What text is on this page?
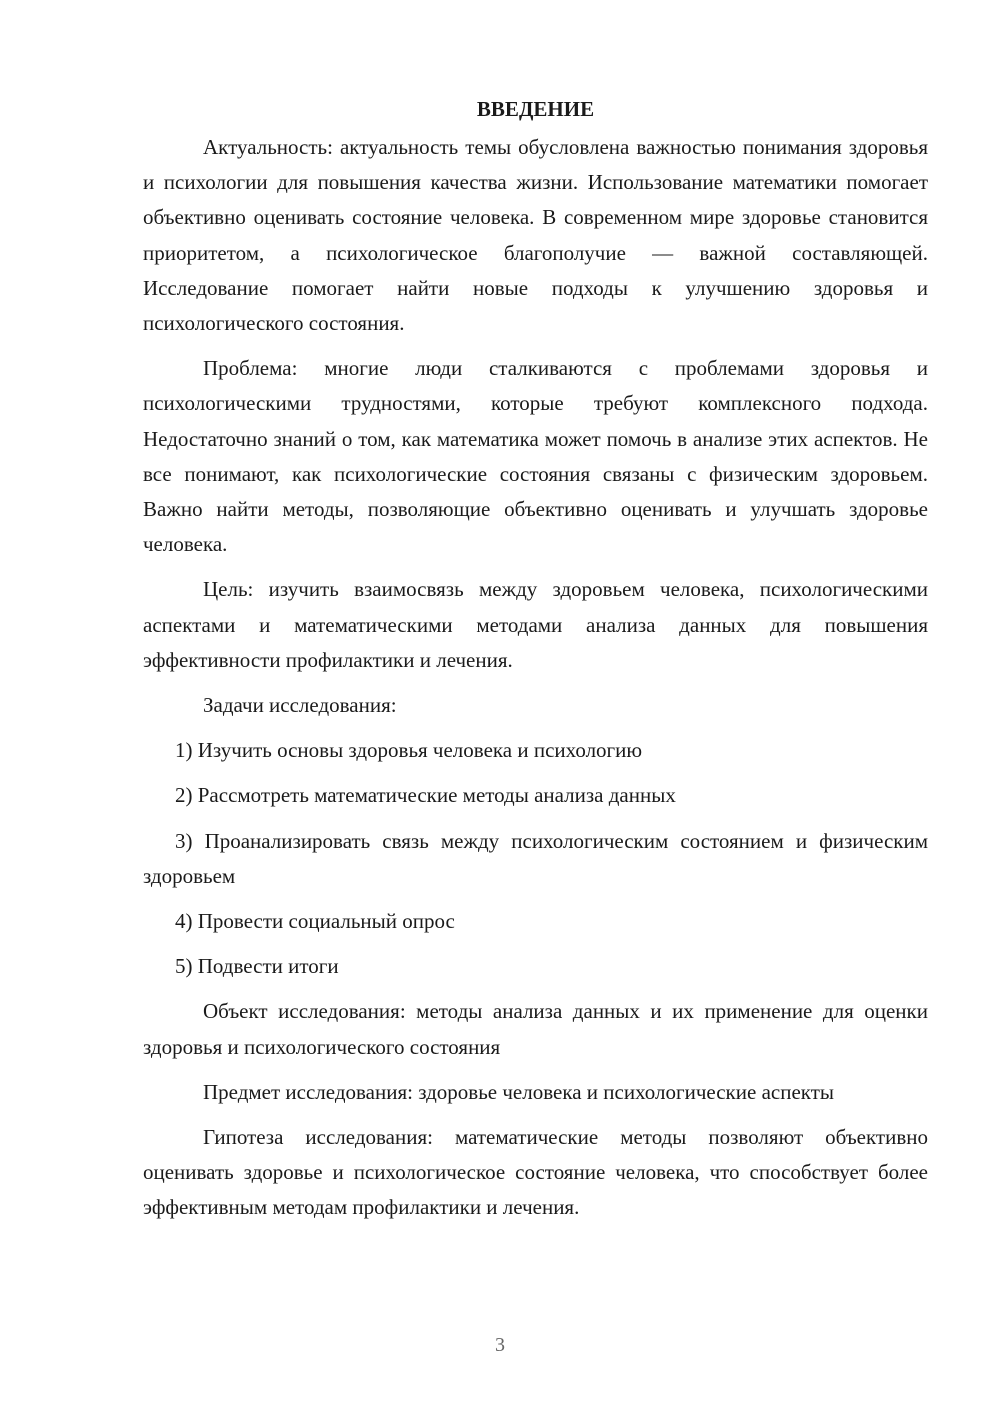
ВВЕДЕНИЕ

Актуальность: актуальность темы обусловлена важностью понимания здоровья и психологии для повышения качества жизни. Использование математики помогает объективно оценивать состояние человека. В современном мире здоровье становится приоритетом, а психологическое благополучие — важной составляющей. Исследование помогает найти новые подходы к улучшению здоровья и психологического состояния.

Проблема: многие люди сталкиваются с проблемами здоровья и психологическими трудностями, которые требуют комплексного подхода. Недостаточно знаний о том, как математика может помочь в анализе этих аспектов. Не все понимают, как психологические состояния связаны с физическим здоровьем. Важно найти методы, позволяющие объективно оценивать и улучшать здоровье человека.

Цель: изучить взаимосвязь между здоровьем человека, психологическими аспектами и математическими методами анализа данных для повышения эффективности профилактики и лечения.

Задачи исследования:

1) Изучить основы здоровья человека и психологию

2) Рассмотреть математические методы анализа данных

3) Проанализировать связь между психологическим состоянием и физическим здоровьем

4) Провести социальный опрос

5) Подвести итоги

Объект исследования: методы анализа данных и их применение для оценки здоровья и психологического состояния

Предмет исследования: здоровье человека и психологические аспекты

Гипотеза исследования: математические методы позволяют объективно оценивать здоровье и психологическое состояние человека, что способствует более эффективным методам профилактики и лечения.

3
